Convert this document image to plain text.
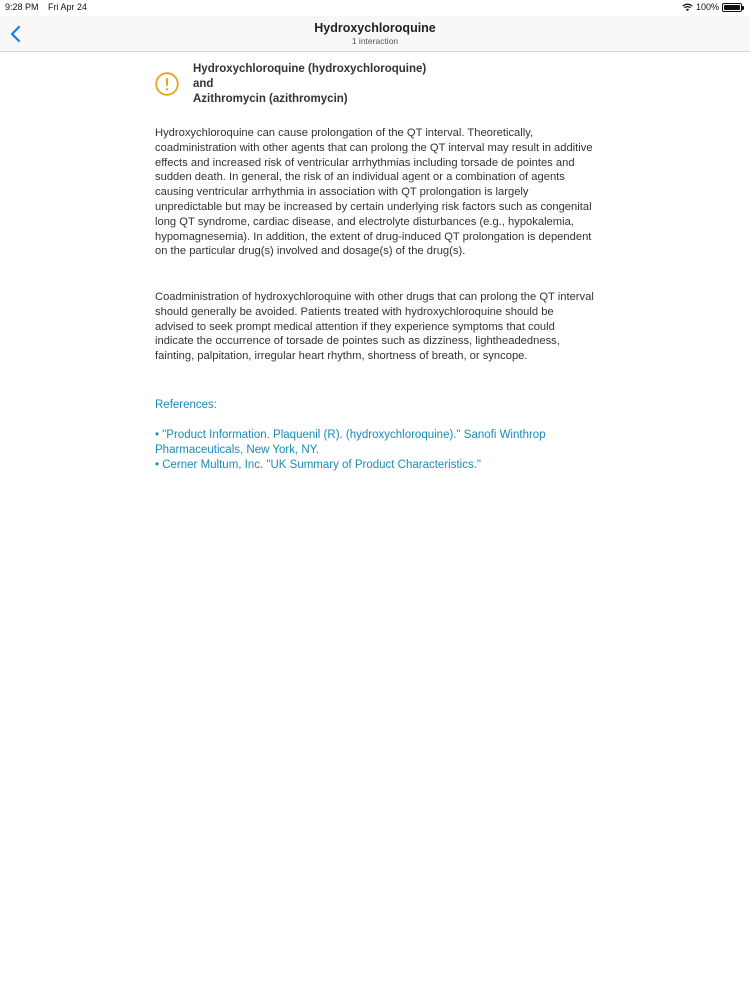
9:28 PM Fri Apr 24	100%
Hydroxychloroquine
1 interaction
Hydroxychloroquine (hydroxychloroquine)
and
Azithromycin (azithromycin)

Hydroxychloroquine can cause prolongation of the QT interval. Theoretically, coadministration with other agents that can prolong the QT interval may result in additive effects and increased risk of ventricular arrhythmias including torsade de pointes and sudden death. In general, the risk of an individual agent or a combination of agents causing ventricular arrhythmia in association with QT prolongation is largely unpredictable but may be increased by certain underlying risk factors such as congenital long QT syndrome, cardiac disease, and electrolyte disturbances (e.g., hypokalemia, hypomagnesemia). In addition, the extent of drug-induced QT prolongation is dependent on the particular drug(s) involved and dosage(s) of the drug(s).

Coadministration of hydroxychloroquine with other drugs that can prolong the QT interval should generally be avoided. Patients treated with hydroxychloroquine should be advised to seek prompt medical attention if they experience symptoms that could indicate the occurrence of torsade de pointes such as dizziness, lightheadedness, fainting, palpitation, irregular heart rhythm, shortness of breath, or syncope.

References:
• "Product Information. Plaquenil (R). (hydroxychloroquine)." Sanofi Winthrop Pharmaceuticals, New York, NY.
• Cerner Multum, Inc. "UK Summary of Product Characteristics."
